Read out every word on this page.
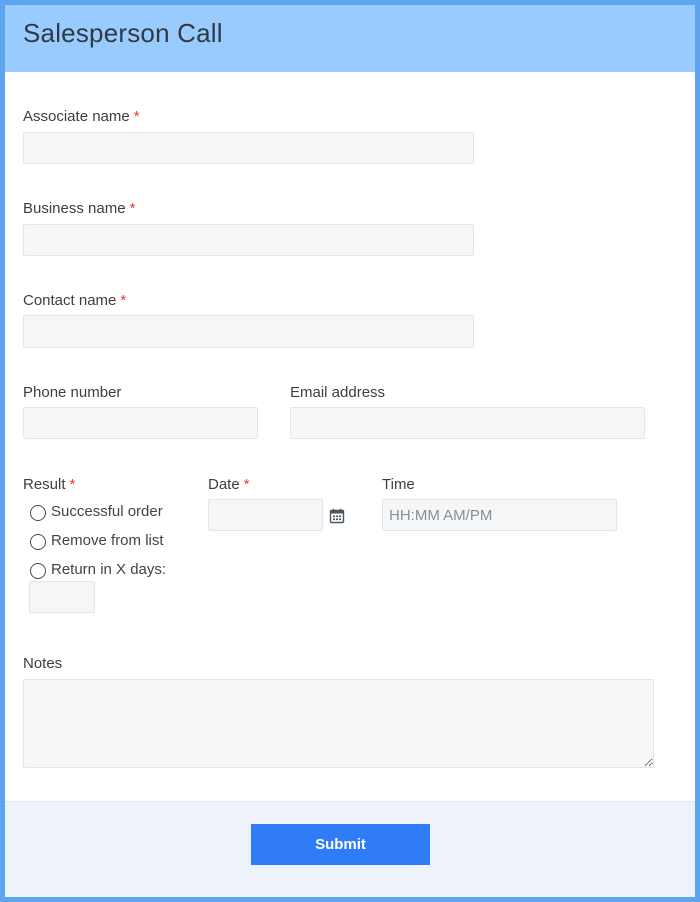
Salesperson Call
Associate name *
Business name *
Contact name *
Phone number	Email address
Result *
Successful order
Remove from list
Return in X days:
Date *	Time
HH:MM AM/PM
Notes
Submit
